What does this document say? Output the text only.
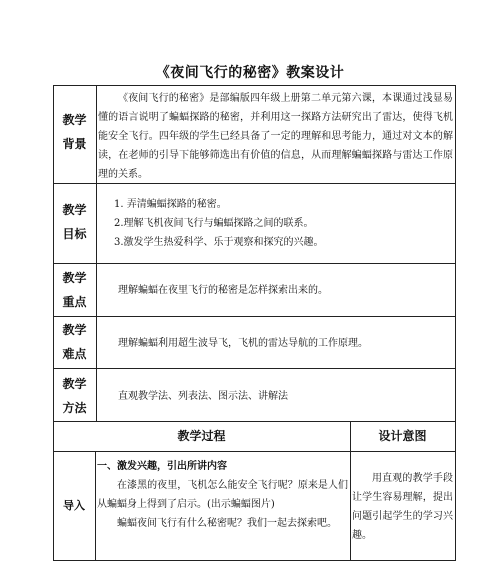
《夜间飞行的秘密》教案设计
教学
背景
《夜间飞行的秘密》是部编版四年级上册第二单元第六课，本课通过浅显易懂的语言说明了蝙蝠探路的秘密，并利用这一探路方法研究出了雷达，使得飞机能安全飞行。四年级的学生已经具备了一定的理解和思考能力，通过对文本的解读，在老师的引导下能够筛选出有价值的信息，从而理解蝙蝠探路与雷达工作原理的关系。
教学
目标
1. 弄清蝙蝠探路的秘密。
2.理解飞机夜间飞行与蝙蝠探路之间的联系。
3.激发学生热爱科学、乐于观察和探究的兴趣。
教学
重点
理解蝙蝠在夜里飞行的秘密是怎样探索出来的。
教学
难点
理解蝙蝠利用超生波导飞，飞机的雷达导航的工作原理。
教学
方法
直观教学法、列表法、图示法、讲解法
教学过程	设计意图
导入
一、激发兴趣，引出所讲内容
在漆黑的夜里，飞机怎么能安全飞行呢？原来是人们从蝙蝠身上得到了启示。(出示蝙蝠图片)
蝙蝠夜间飞行有什么秘密呢？我们一起去探索吧。
用直观的教学手段让学生容易理解，提出问题引起学生的学习兴趣。
